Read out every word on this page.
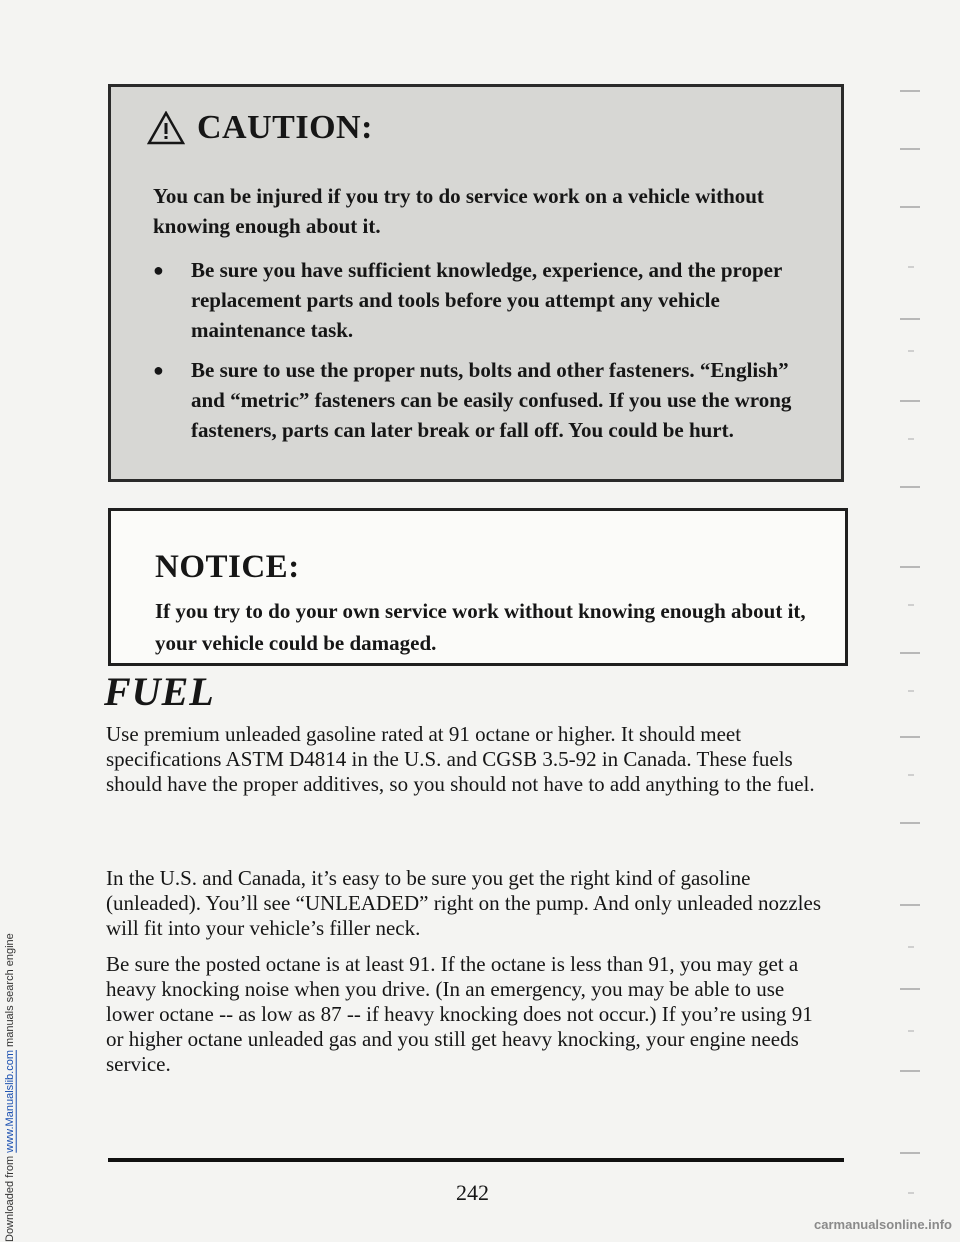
Downloaded from www.Manualslib.com manuals search engine
CAUTION:
You can be injured if you try to do service work on a vehicle without knowing enough about it.
●	Be sure you have sufficient knowledge, experience, and the proper replacement parts and tools before you attempt any vehicle maintenance task.
●	Be sure to use the proper nuts, bolts and other fasteners. “English” and “metric” fasteners can be easily confused. If you use the wrong fasteners, parts can later break or fall off. You could be hurt.
NOTICE:
If you try to do your own service work without knowing enough about it, your vehicle could be damaged.
FUEL
Use premium unleaded gasoline rated at 91 octane or higher. It should meet specifications ASTM D4814 in the U.S. and CGSB 3.5-92 in Canada. These fuels should have the proper additives, so you should not have to add anything to the fuel.
In the U.S. and Canada, it’s easy to be sure you get the right kind of gasoline (unleaded). You’ll see “UNLEADED” right on the pump. And only unleaded nozzles will fit into your vehicle’s filler neck.
Be sure the posted octane is at least 91. If the octane is less than 91, you may get a heavy knocking noise when you drive. (In an emergency, you may be able to use lower octane -- as low as 87 -- if heavy knocking does not occur.) If you’re using 91 or higher octane unleaded gas and you still get heavy knocking, your engine needs service.
242
carmanualsonline.info
